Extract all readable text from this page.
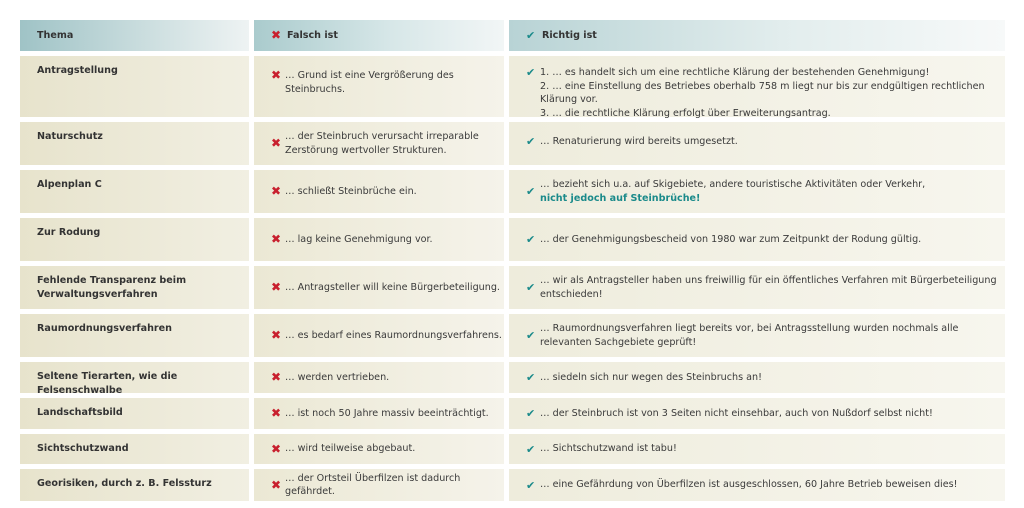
Thema	✖ Falsch ist	✔ Richtig ist
Antragstellung	✖ … Grund ist eine Vergrößerung des Steinbruchs.
✔ 1. … es handelt sich um eine rechtliche Klärung der bestehenden Genehmigung!
2. … eine Einstellung des Betriebes oberhalb 758 m liegt nur bis zur endgültigen rechtlichen Klärung vor.
3. … die rechtliche Klärung erfolgt über Erweiterungsantrag.
Naturschutz	✖ … der Steinbruch verursacht irreparable Zerstörung wertvoller Strukturen.
✔ … Renaturierung wird bereits umgesetzt.
Alpenplan C	✖ … schließt Steinbrüche ein.	✔
… bezieht sich u.a. auf Skigebiete, andere touristische Aktivitäten oder Verkehr,
nicht jedoch auf Steinbrüche!
Zur Rodung	✖ … lag keine Genehmigung vor.	✔ … der Genehmigungsbescheid von 1980 war zum Zeitpunkt der Rodung gültig.
Fehlende Transparenz beim Verwaltungsverfahren	✖ … Antragsteller will keine Bürgerbeteiligung.	✔
… wir als Antragsteller haben uns freiwillig für ein öffentliches Verfahren mit Bürgerbeteiligung entschieden!
Raumordnungsverfahren	✖ … es bedarf eines Raumordnungsverfahrens. ✔
… Raumordnungsverfahren liegt bereits vor, bei Antragsstellung wurden nochmals alle relevanten Sachgebiete geprüft!
Seltene Tierarten, wie die Felsenschwalbe
✖ … werden vertrieben.	✔ … siedeln sich nur wegen des Steinbruchs an!
Landschaftsbild	✖ … ist noch 50 Jahre massiv beeinträchtigt.	✔ … der Steinbruch ist von 3 Seiten nicht einsehbar, auch von Nußdorf selbst nicht!
Sichtschutzwand	✖ … wird teilweise abgebaut.	✔ … Sichtschutzwand ist tabu!
Georisiken, durch z. B. Felssturz	✖ … der Ortsteil Überfilzen ist dadurch gefährdet.	✔ … eine Gefährdung von Überfilzen ist ausgeschlossen, 60 Jahre Betrieb beweisen dies!
